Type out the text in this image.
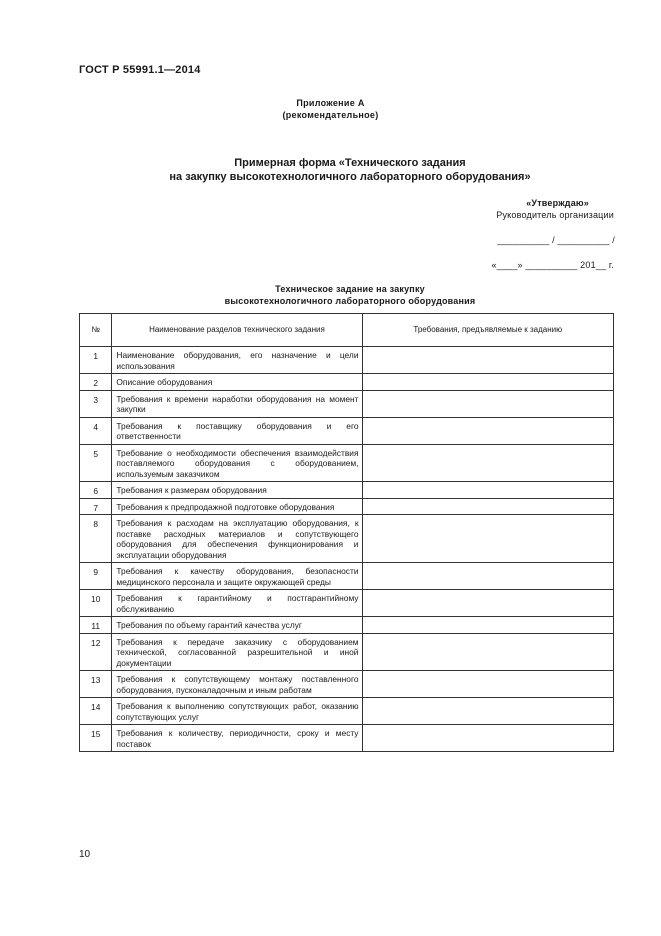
ГОСТ Р 55991.1—2014
Приложение А
(рекомендательное)
Примерная форма «Технического задания
на закупку высокотехнологичного лабораторного оборудования»
«Утверждаю»
Руководитель организации
__________ / __________ /
«____» __________ 201__ г.
Техническое задание на закупку
высокотехнологичного лабораторного оборудования
№	Наименование разделов технического задания	Требования, предъявляемые к заданию
1	Наименование оборудования, его назначение и цели использования	
2	Описание оборудования	
3	Требования к времени наработки оборудования на момент закупки	
4	Требования к поставщику оборудования и его ответственности	
5	Требование о необходимости обеспечения взаимодействия поставляемого оборудования с оборудованием, используемым заказчиком	
6	Требования к размерам оборудования	
7	Требования к предпродажной подготовке оборудования	
8	Требования к расходам на эксплуатацию оборудования, к поставке расходных материалов и сопутствующего оборудования для обеспечения функционирования и эксплуатации оборудования	
9	Требования к качеству оборудования, безопасности медицинского персонала и защите окружающей среды	
10	Требования к гарантийному и постгарантийному обслуживанию	
11	Требования по объему гарантий качества услуг	
12	Требования к передаче заказчику с оборудованием технической, согласованной разрешительной и иной документации	
13	Требования к сопутствующему монтажу поставленного оборудования, пусконаладочным и иным работам	
14	Требования к выполнению сопутствующих работ, оказанию сопутствующих услуг	
15	Требования к количеству, периодичности, сроку и месту поставок	
10
